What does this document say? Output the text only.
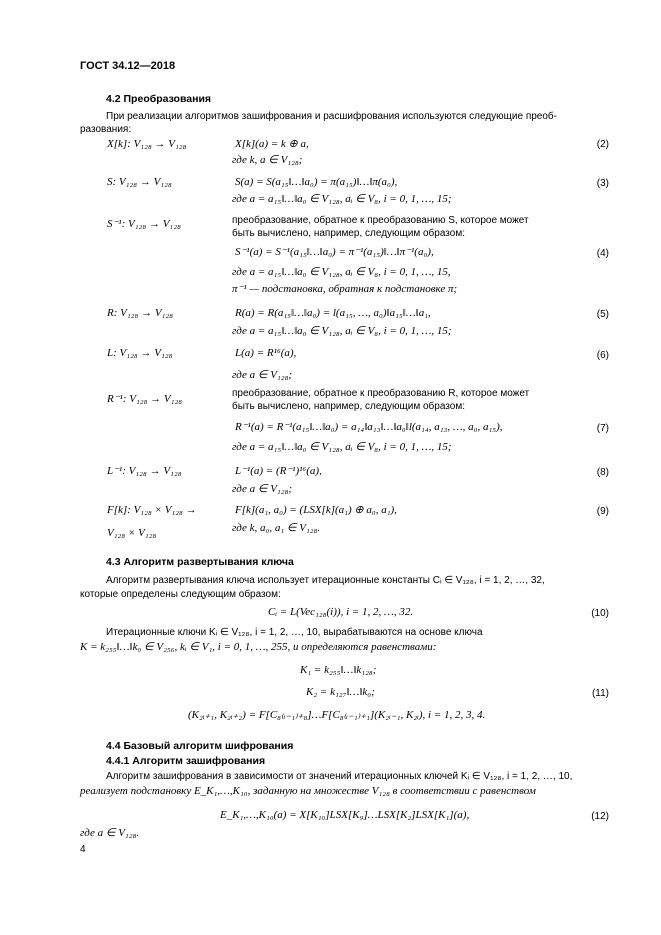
ГОСТ 34.12—2018
4.2 Преобразования
При реализации алгоритмов зашифрования и расшифрования используются следующие преоб-
разования:
X[k]: V₁₂₈ → V₁₂₈	X[k](a) = k ⊕ a,	(2)
где k, a ∈ V₁₂₈;
S: V₁₂₈ → V₁₂₈	S(a) = S(a₁₅‖…‖a₀) = π(a₁₅)‖…‖π(a₀),	(3)
где a = a₁₅‖…‖a₀ ∈ V₁₂₈, aᵢ ∈ V₈, i = 0, 1, …, 15;
S⁻¹: V₁₂₈ → V₁₂₈	преобразование, обратное к преобразованию S, которое может
быть вычислено, например, следующим образом:
S⁻¹(a) = S⁻¹(a₁₅‖…‖a₀) = π⁻¹(a₁₅)‖…‖π⁻¹(a₀),	(4)
где a = a₁₅‖…‖a₀ ∈ V₁₂₈, aᵢ ∈ V₈, i = 0, 1, …, 15,
π⁻¹ — подстановка, обратная к подстановке π;
R: V₁₂₈ → V₁₂₈	R(a) = R(a₁₅‖…‖a₀) = l(a₁₅, …, a₀)‖a₁₅‖…‖a₁,	(5)
где a = a₁₅‖…‖a₀ ∈ V₁₂₈, aᵢ ∈ V₈, i = 0, 1, …, 15;
L: V₁₂₈ → V₁₂₈	L(a) = R¹⁶(a),	(6)
где a ∈ V₁₂₈;
R⁻¹: V₁₂₈ → V₁₂₈	преобразование, обратное к преобразованию R, которое может
быть вычислено, например, следующим образом:
R⁻¹(a) = R⁻¹(a₁₅‖…‖a₀) = a₁₄‖a₁₃‖…‖a₀‖l(a₁₄, a₁₃, …, a₀, a₁₅),	(7)
где a = a₁₅‖…‖a₀ ∈ V₁₂₈, aᵢ ∈ V₈, i = 0, 1, …, 15;
L⁻¹: V₁₂₈ → V₁₂₈	L⁻¹(a) = (R⁻¹)¹⁶(a),	(8)
где a ∈ V₁₂₈;
F[k]: V₁₂₈ × V₁₂₈ →
V₁₂₈ × V₁₂₈
F[k](a₁, a₀) = (LSX[k](a₁) ⊕ a₀, a₁),	(9)
где k, a₀, a₁ ∈ V₁₂₈.
4.3 Алгоритм развертывания ключа
Алгоритм развертывания ключа использует итерационные константы Cᵢ ∈ V₁₂₈, i = 1, 2, …, 32,
которые определены следующим образом:
Cᵢ = L(Vec₁₂₈(i)), i = 1, 2, …, 32.	(10)
Итерационные ключи Kᵢ ∈ V₁₂₈, i = 1, 2, …, 10, вырабатываются на основе ключа
K = k₂₅₅‖…‖k₀ ∈ V₂₅₆, kᵢ ∈ V₁, i = 0, 1, …, 255, и определяются равенствами:
K₁ = k₂₅₅‖…‖k₁₂₈;
K₂ = k₁₂₇‖…‖k₀;	(11)
(K₂ᵢ₊₁, K₂ᵢ₊₂) = F[C₈₍ᵢ₋₁₎₊₈]…F[C₈₍ᵢ₋₁₎₊₁](K₂ᵢ₋₁, K₂ᵢ), i = 1, 2, 3, 4.
4.4 Базовый алгоритм шифрования
4.4.1 Алгоритм зашифрования
Алгоритм зашифрования в зависимости от значений итерационных ключей Kᵢ ∈ V₁₂₈, i = 1, 2, …, 10,
реализует подстановку E_K₁,…,K₁₀, заданную на множестве V₁₂₈ в соответствии с равенством
E_K₁,…,K₁₀(a) = X[K₁₀]LSX[K₉]…LSX[K₂]LSX[K₁](a),	(12)
где a ∈ V₁₂₈.
4
